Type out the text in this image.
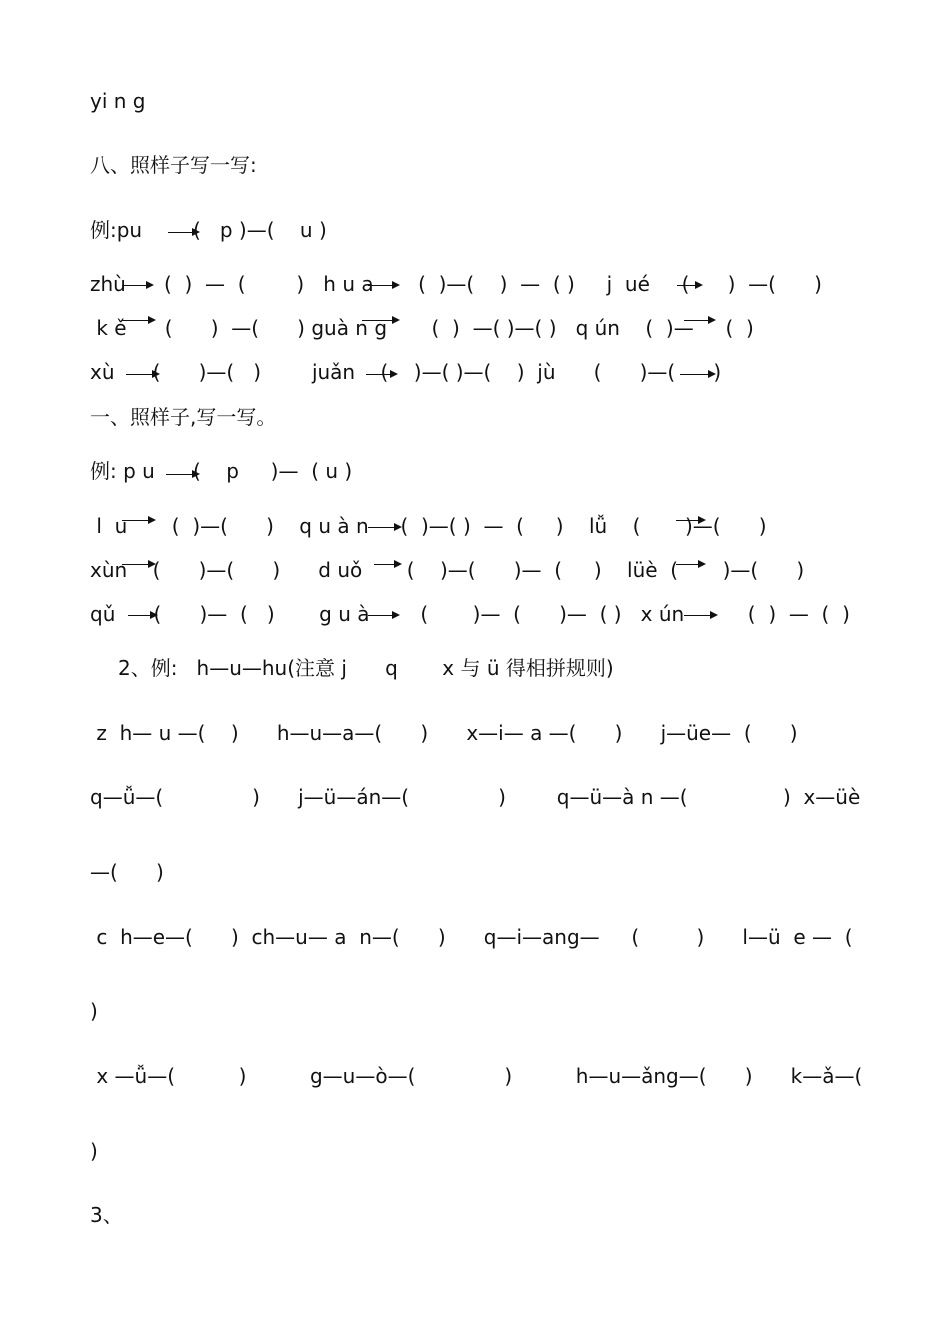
yi n g
八、照样子写一写:
例:pu        (   p )—(    u )
zhù      (  )  —  (        )   h u a       (  )—(    )  —  ( )     j  ué     (      )  —(      )
k ě      (      )  —(      ) guà n g       (  )  —( )—( )   q ún    (  )—     (  )
xù      (      )—(   )        juǎn    (    )—( )—(    )  jù      (      )—(      )
一、照样子,写一写。
例: p u      (    p     )—  ( u )
l  u       (  )—(      )    q u à n     (  )—( )  —  (     )    lǚ    (       )—(      )
xùn    (      )—(      )      d uǒ       (    )—(      )—  (     )    lüè  (       )—(      )
qǔ      (      )—  (   )       g u à        (       )—  (      )—  ( )   x ún          (  )  —  (  )
2、例:   h—u—hu(注意 j      q       x 与 ü 得相拼规则)
z  h— u —(    )      h—u—a—(      )      x—i— a —(      )      j—üe—  (      )
q—ǚ—(              )      j—ü—án—(              )        q—ü—à n —(               )  x—üè
—(      )
c  h—e—(      )  ch—u— a  n—(      )      q—i—ang—     (         )      l—ü  e —  (
)
x —ǚ—(          )          g—u—ò—(              )          h—u—ǎng—(      )      k—ǎ—(
)
3、
